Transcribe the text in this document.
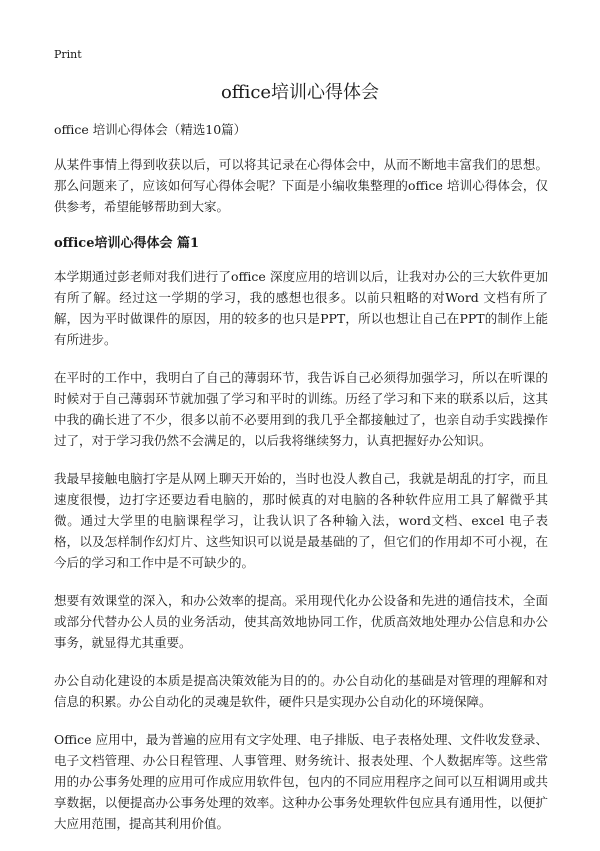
Print
office培训心得体会
office 培训心得体会（精选10篇）

从某件事情上得到收获以后，可以将其记录在心得体会中，从而不断地丰富我们的思想。那么问题来了，应该如何写心得体会呢？下面是小编收集整理的office 培训心得体会，仅供参考，希望能够帮助到大家。

office培训心得体会 篇1

本学期通过彭老师对我们进行了office 深度应用的培训以后，让我对办公的三大软件更加有所了解。经过这一学期的学习，我的感想也很多。以前只粗略的对Word 文档有所了解，因为平时做课件的原因，用的较多的也只是PPT，所以也想让自己在PPT的制作上能有所进步。

在平时的工作中，我明白了自己的薄弱环节，我告诉自己必须得加强学习，所以在听课的时候对于自己薄弱环节就加强了学习和平时的训练。历经了学习和下来的联系以后，这其中我的确长进了不少，很多以前不必要用到的我几乎全都接触过了，也亲自动手实践操作过了，对于学习我仍然不会满足的，以后我将继续努力，认真把握好办公知识。

我最早接触电脑打字是从网上聊天开始的，当时也没人教自己，我就是胡乱的打字，而且速度很慢，边打字还要边看电脑的，那时候真的对电脑的各种软件应用工具了解微乎其微。通过大学里的电脑课程学习，让我认识了各种输入法，word文档、excel 电子表格，以及怎样制作幻灯片、这些知识可以说是最基础的了，但它们的作用却不可小视，在今后的学习和工作中是不可缺少的。

想要有效课堂的深入，和办公效率的提高。采用现代化办公设备和先进的通信技术，全面或部分代替办公人员的业务活动，使其高效地协同工作，优质高效地处理办公信息和办公事务，就显得尤其重要。

办公自动化建设的本质是提高决策效能为目的的。办公自动化的基础是对管理的理解和对信息的积累。办公自动化的灵魂是软件，硬件只是实现办公自动化的环境保障。

Office 应用中，最为普遍的应用有文字处理、电子排版、电子表格处理、文件收发登录、电子文档管理、办公日程管理、人事管理、财务统计、报表处理、个人数据库等。这些常用的办公事务处理的应用可作成应用软件包，包内的不同应用程序之间可以互相调用或共享数据，以便提高办公事务处理的效率。这种办公事务处理软件包应具有通用性，以便扩大应用范围，提高其利用价值。
